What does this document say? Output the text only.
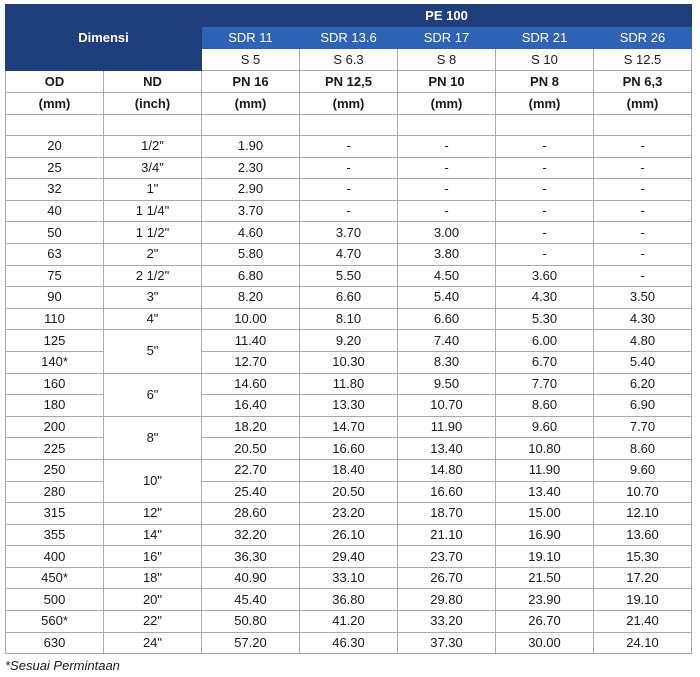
Dimensi		PE 100				
		SDR 11	SDR 13.6	SDR 17	SDR 21	SDR 26
		S 5	S 6.3	S 8	S 10	S 12.5
OD	ND	PN 16	PN 12,5	PN 10	PN 8	PN 6,3
(mm)	(inch)	(mm)	(mm)	(mm)	(mm)	(mm)

20	1/2"	1.90	-	-	-	-
25	3/4"	2.30	-	-	-	-
32	1"	2.90	-	-	-	-
40	1 1/4"	3.70	-	-	-	-
50	1 1/2"	4.60	3.70	3.00	-	-
63	2"	5.80	4.70	3.80	-	-
75	2 1/2"	6.80	5.50	4.50	3.60	-
90	3"	8.20	6.60	5.40	4.30	3.50
110	4"	10.00	8.10	6.60	5.30	4.30
125	5"	11.40	9.20	7.40	6.00	4.80
140*		12.70	10.30	8.30	6.70	5.40
160	6"	14.60	11.80	9.50	7.70	6.20
180		16.40	13.30	10.70	8.60	6.90
200	8"	18.20	14.70	11.90	9.60	7.70
225		20.50	16.60	13.40	10.80	8.60
250	10"	22.70	18.40	14.80	11.90	9.60
280		25.40	20.50	16.60	13.40	10.70
315	12"	28.60	23.20	18.70	15.00	12.10
355	14"	32.20	26.10	21.10	16.90	13.60
400	16"	36.30	29.40	23.70	19.10	15.30
450*	18"	40.90	33.10	26.70	21.50	17.20
500	20"	45.40	36.80	29.80	23.90	19.10
560*	22"	50.80	41.20	33.20	26.70	21.40
630	24"	57.20	46.30	37.30	30.00	24.10
*Sesuai Permintaan
